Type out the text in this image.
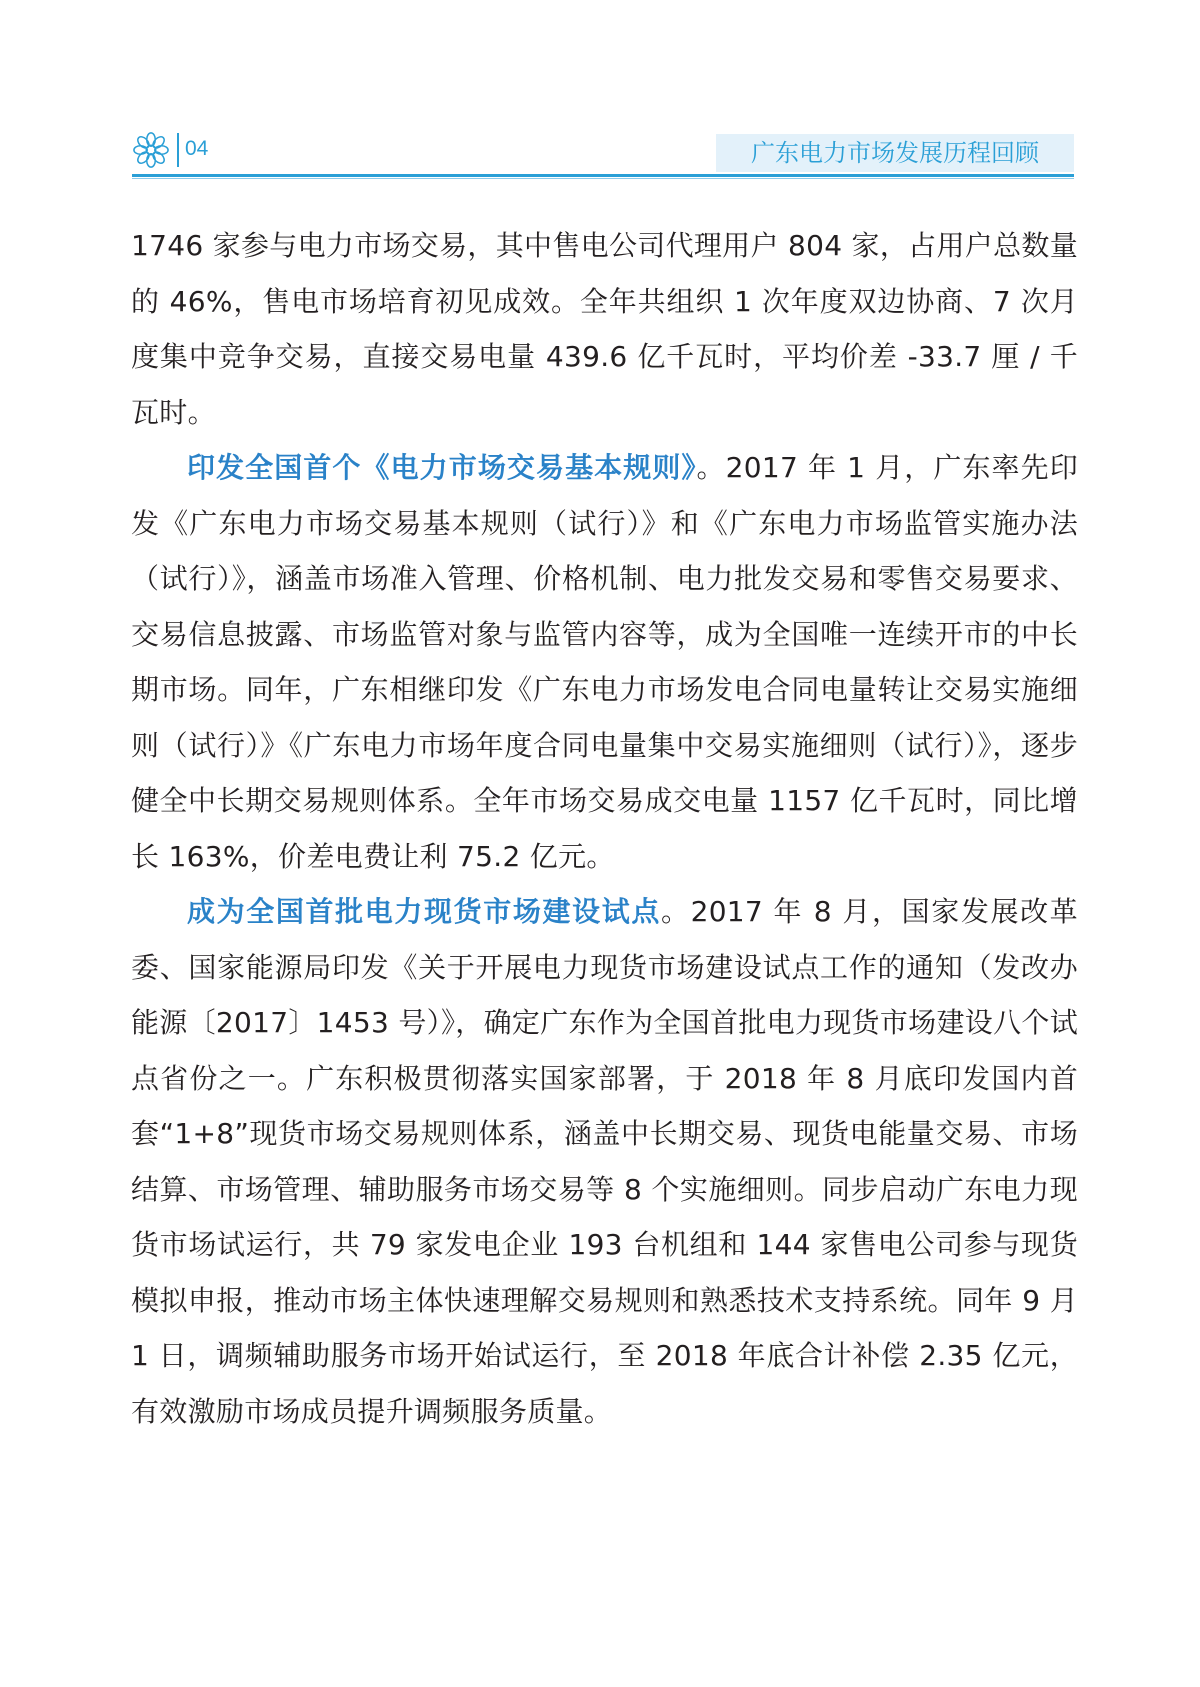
04	广东电力市场发展历程回顾

1746 家参与电力市场交易，其中售电公司代理用户 804 家，占用户总数量的 46%，售电市场培育初见成效。全年共组织 1 次年度双边协商、7 次月度集中竞争交易，直接交易电量 439.6 亿千瓦时，平均价差 -33.7 厘 / 千瓦时。

印发全国首个《电力市场交易基本规则》。2017 年 1 月，广东率先印发《广东电力市场交易基本规则（试行）》和《广东电力市场监管实施办法（试行）》，涵盖市场准入管理、价格机制、电力批发交易和零售交易要求、交易信息披露、市场监管对象与监管内容等，成为全国唯一连续开市的中长期市场。同年，广东相继印发《广东电力市场发电合同电量转让交易实施细则（试行）》《广东电力市场年度合同电量集中交易实施细则（试行）》，逐步健全中长期交易规则体系。全年市场交易成交电量 1157 亿千瓦时，同比增长 163%，价差电费让利 75.2 亿元。

成为全国首批电力现货市场建设试点。2017 年 8 月，国家发展改革委、国家能源局印发《关于开展电力现货市场建设试点工作的通知（发改办能源〔2017〕1453 号）》，确定广东作为全国首批电力现货市场建设八个试点省份之一。广东积极贯彻落实国家部署，于 2018 年 8 月底印发国内首套“1+8”现货市场交易规则体系，涵盖中长期交易、现货电能量交易、市场结算、市场管理、辅助服务市场交易等 8 个实施细则。同步启动广东电力现货市场试运行，共 79 家发电企业 193 台机组和 144 家售电公司参与现货模拟申报，推动市场主体快速理解交易规则和熟悉技术支持系统。同年 9 月 1 日，调频辅助服务市场开始试运行，至 2018 年底合计补偿 2.35 亿元，有效激励市场成员提升调频服务质量。
